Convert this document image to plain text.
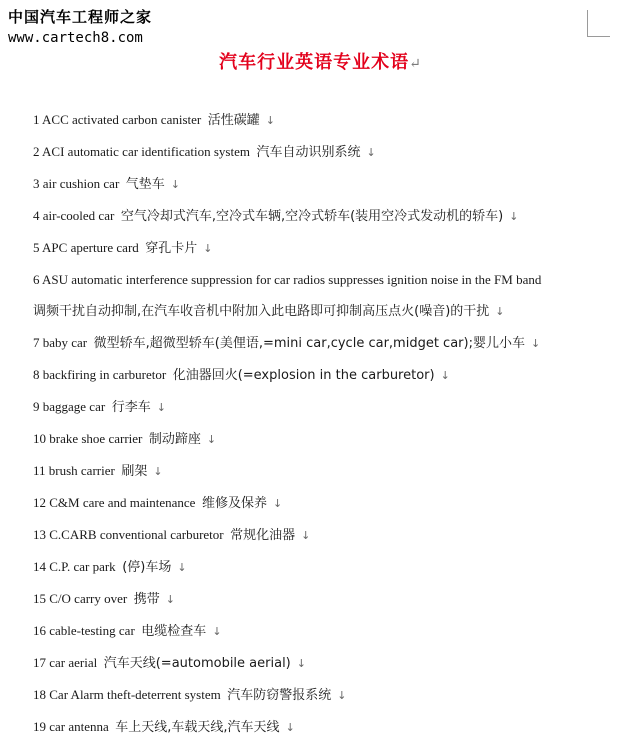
中国汽车工程师之家
www.cartech8.com
汽车行业英语专业术语↵
1 ACC activated carbon canister 活性碳罐 ↓
2 ACI automatic car identification system 汽车自动识别系统 ↓
3 air cushion car 气垫车 ↓
4 air-cooled car 空气冷却式汽车,空冷式车辆,空冷式轿车(装用空冷式发动机的轿车) ↓
5 APC aperture card 穿孔卡片 ↓
6 ASU automatic interference suppression for car radios suppresses ignition noise in the FM band
调频干扰自动抑制,在汽车收音机中附加入此电路即可抑制高压点火(噪音)的干扰 ↓
7 baby car 微型轿车,超微型轿车(美俚语,=mini car,cycle car,midget car);婴儿小车 ↓
8 backfiring in carburetor 化油器回火(=explosion in the carburetor) ↓
9 baggage car 行李车 ↓
10 brake shoe carrier 制动蹄座 ↓
11 brush carrier 刷架 ↓
12 C&M care and maintenance 维修及保养 ↓
13 C.CARB conventional carburetor 常规化油器 ↓
14 C.P. car park (停)车场 ↓
15 C/O carry over 携带 ↓
16 cable-testing car 电缆检查车 ↓
17 car aerial 汽车天线(=automobile aerial) ↓
18 Car Alarm theft-deterrent system 汽车防窃警报系统 ↓
19 car antenna 车上天线,车载天线,汽车天线 ↓
